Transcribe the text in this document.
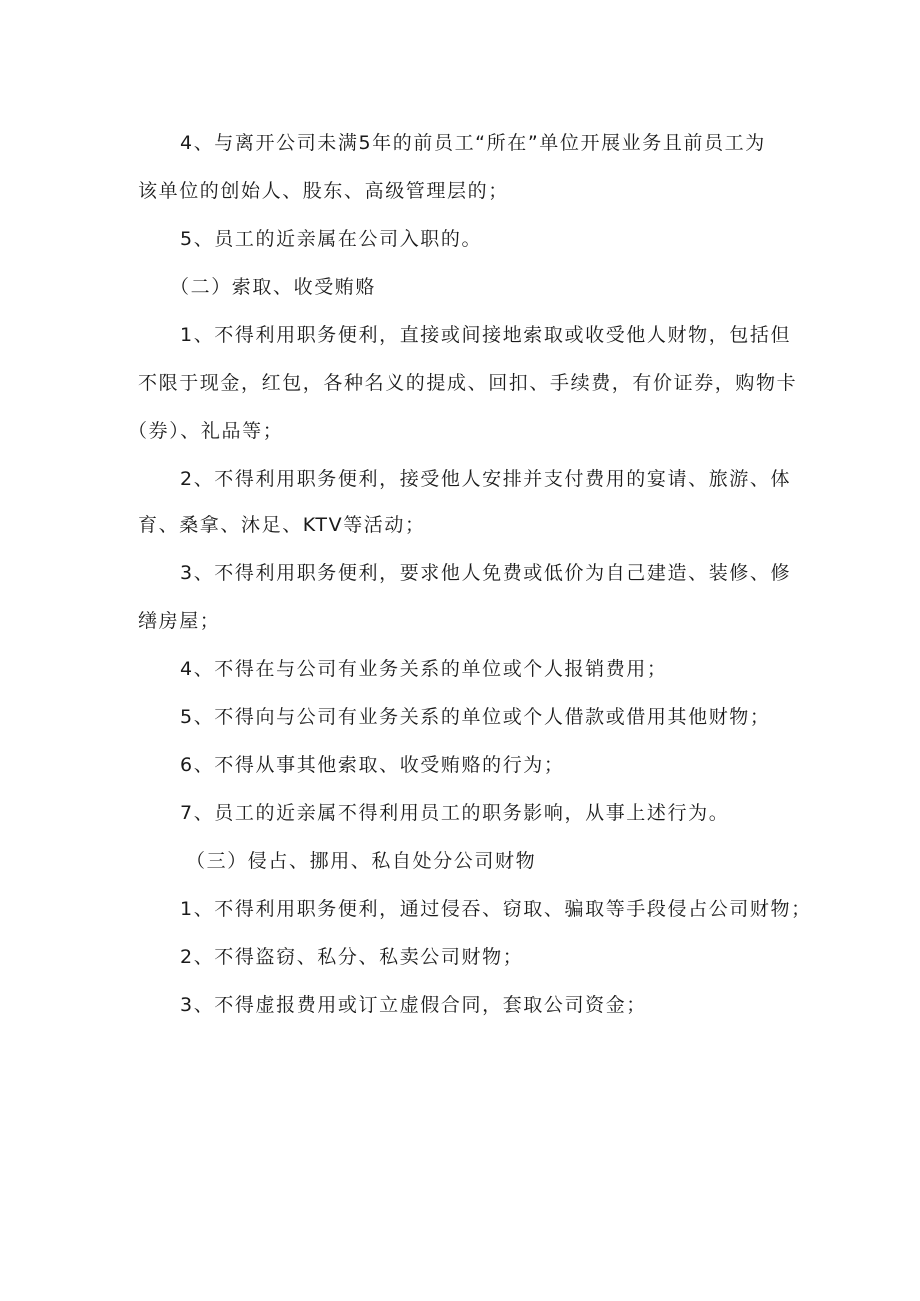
4、与离开公司未满5年的前员工“所在”单位开展业务且前员工为
该单位的创始人、股东、高级管理层的；
5、员工的近亲属在公司入职的。
（二）索取、收受贿赂
1、不得利用职务便利，直接或间接地索取或收受他人财物，包括但
不限于现金，红包，各种名义的提成、回扣、手续费，有价证券，购物卡
（券）、礼品等；
2、不得利用职务便利，接受他人安排并支付费用的宴请、旅游、体
育、桑拿、沐足、KTV等活动；
3、不得利用职务便利，要求他人免费或低价为自己建造、装修、修
缮房屋；
4、不得在与公司有业务关系的单位或个人报销费用；
5、不得向与公司有业务关系的单位或个人借款或借用其他财物；
6、不得从事其他索取、收受贿赂的行为；
7、员工的近亲属不得利用员工的职务影响，从事上述行为。
（三）侵占、挪用、私自处分公司财物
1、不得利用职务便利，通过侵吞、窃取、骗取等手段侵占公司财物；
2、不得盗窃、私分、私卖公司财物；
3、不得虚报费用或订立虚假合同，套取公司资金；
